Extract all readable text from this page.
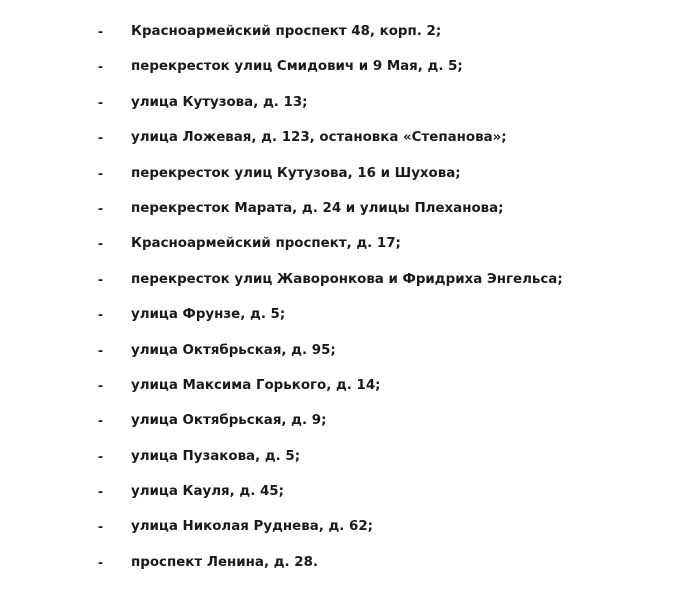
- Красноармейский проспект 48, корп. 2;
- перекресток улиц Смидович и 9 Мая, д. 5;
- улица Кутузова, д. 13;
- улица Ложевая, д. 123, остановка «Степанова»;
- перекресток улиц Кутузова, 16 и Шухова;
- перекресток Марата, д. 24 и улицы Плеханова;
- Красноармейский проспект, д. 17;
- перекресток улиц Жаворонкова и Фридриха Энгельса;
- улица Фрунзе, д. 5;
- улица Октябрьская, д. 95;
- улица Максима Горького, д. 14;
- улица Октябрьская, д. 9;
- улица Пузакова, д. 5;
- улица Кауля, д. 45;
- улица Николая Руднева, д. 62;
- проспект Ленина, д. 28.
